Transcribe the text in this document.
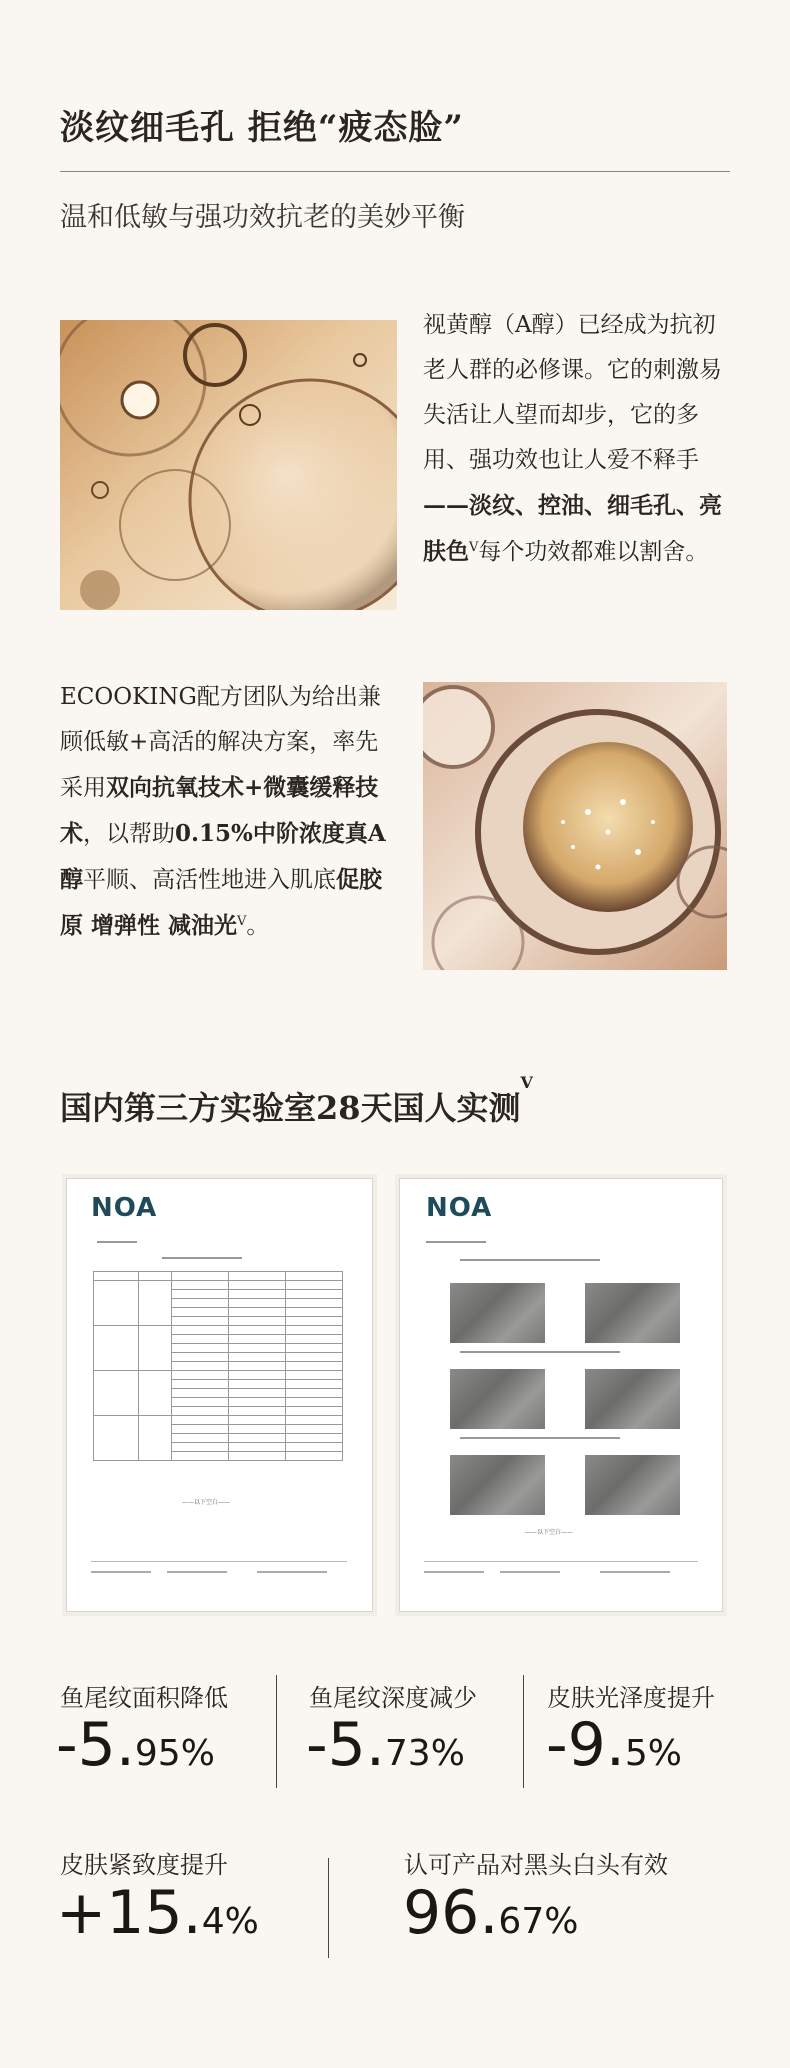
淡纹细毛孔 拒绝“疲态脸”
温和低敏与强功效抗老的美妙平衡
视黄醇（A醇）已经成为抗初老人群的必修课。它的刺激易失活让人望而却步，它的多用、强功效也让人爱不释手——淡纹、控油、细毛孔、亮肤色$^V$每个功效都难以割舍。
ECOOKING配方团队为给出兼顾低敏+高活的解决方案，率先采用双向抗氧技术+微囊缓释技术，以帮助0.15%中阶浓度真A醇平顺、高活性地进入肌底促胶原 增弹性 减油光$^V$。
国内第三方实验室28天国人实测$^V$
NOA

——以下空白——
NOA
——以下空白——
鱼尾纹面积降低
-5.95%
鱼尾纹深度减少
-5.73%
皮肤光泽度提升
-9.5%
皮肤紧致度提升
+15.4%
认可产品对黑头白头有效
96.67%
